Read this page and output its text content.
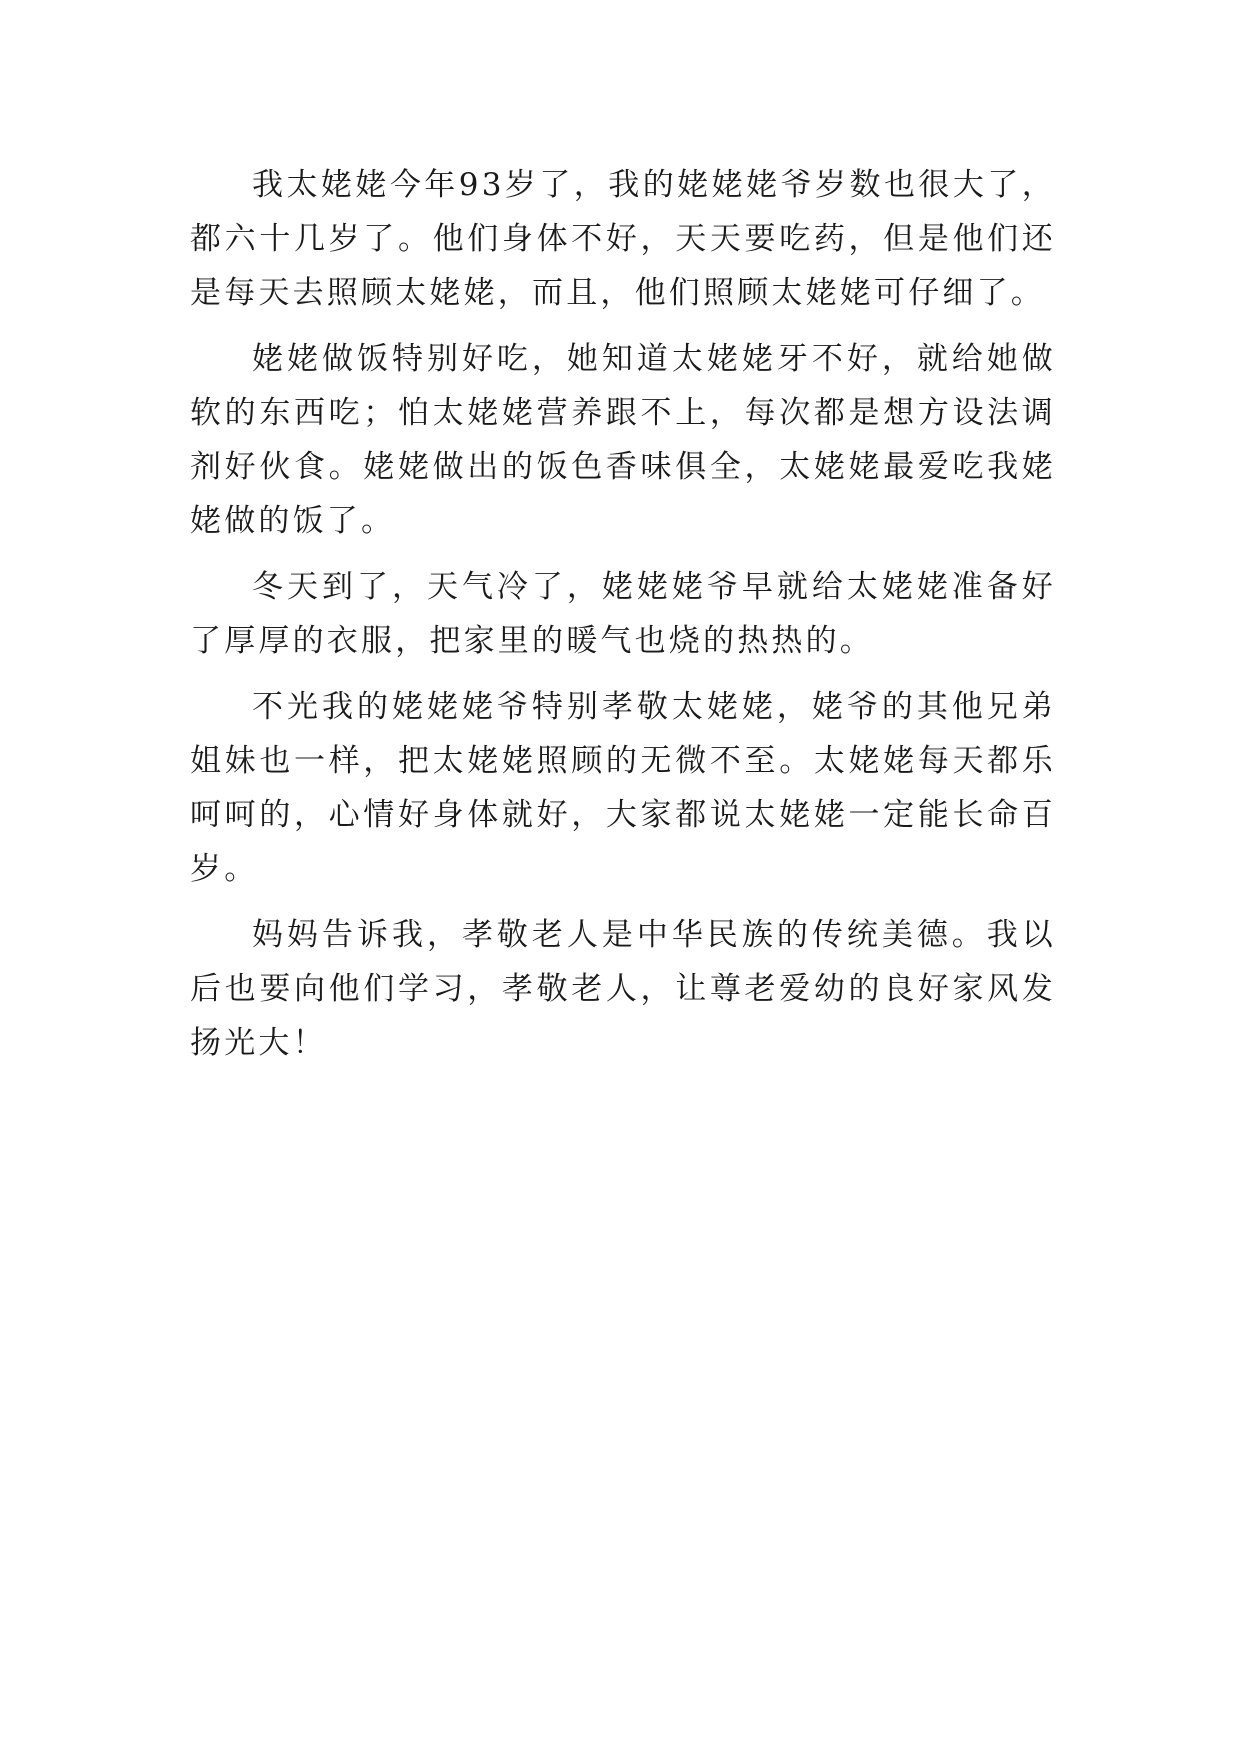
我太姥姥今年93岁了，我的姥姥姥爷岁数也很大了，都六十几岁了。他们身体不好，天天要吃药，但是他们还是每天去照顾太姥姥，而且，他们照顾太姥姥可仔细了。

姥姥做饭特别好吃，她知道太姥姥牙不好，就给她做软的东西吃；怕太姥姥营养跟不上，每次都是想方设法调剂好伙食。姥姥做出的饭色香味俱全，太姥姥最爱吃我姥姥做的饭了。

冬天到了，天气冷了，姥姥姥爷早就给太姥姥准备好了厚厚的衣服，把家里的暖气也烧的热热的。

不光我的姥姥姥爷特别孝敬太姥姥，姥爷的其他兄弟姐妹也一样，把太姥姥照顾的无微不至。太姥姥每天都乐呵呵的，心情好身体就好，大家都说太姥姥一定能长命百岁。

妈妈告诉我，孝敬老人是中华民族的传统美德。我以后也要向他们学习，孝敬老人，让尊老爱幼的良好家风发扬光大！
